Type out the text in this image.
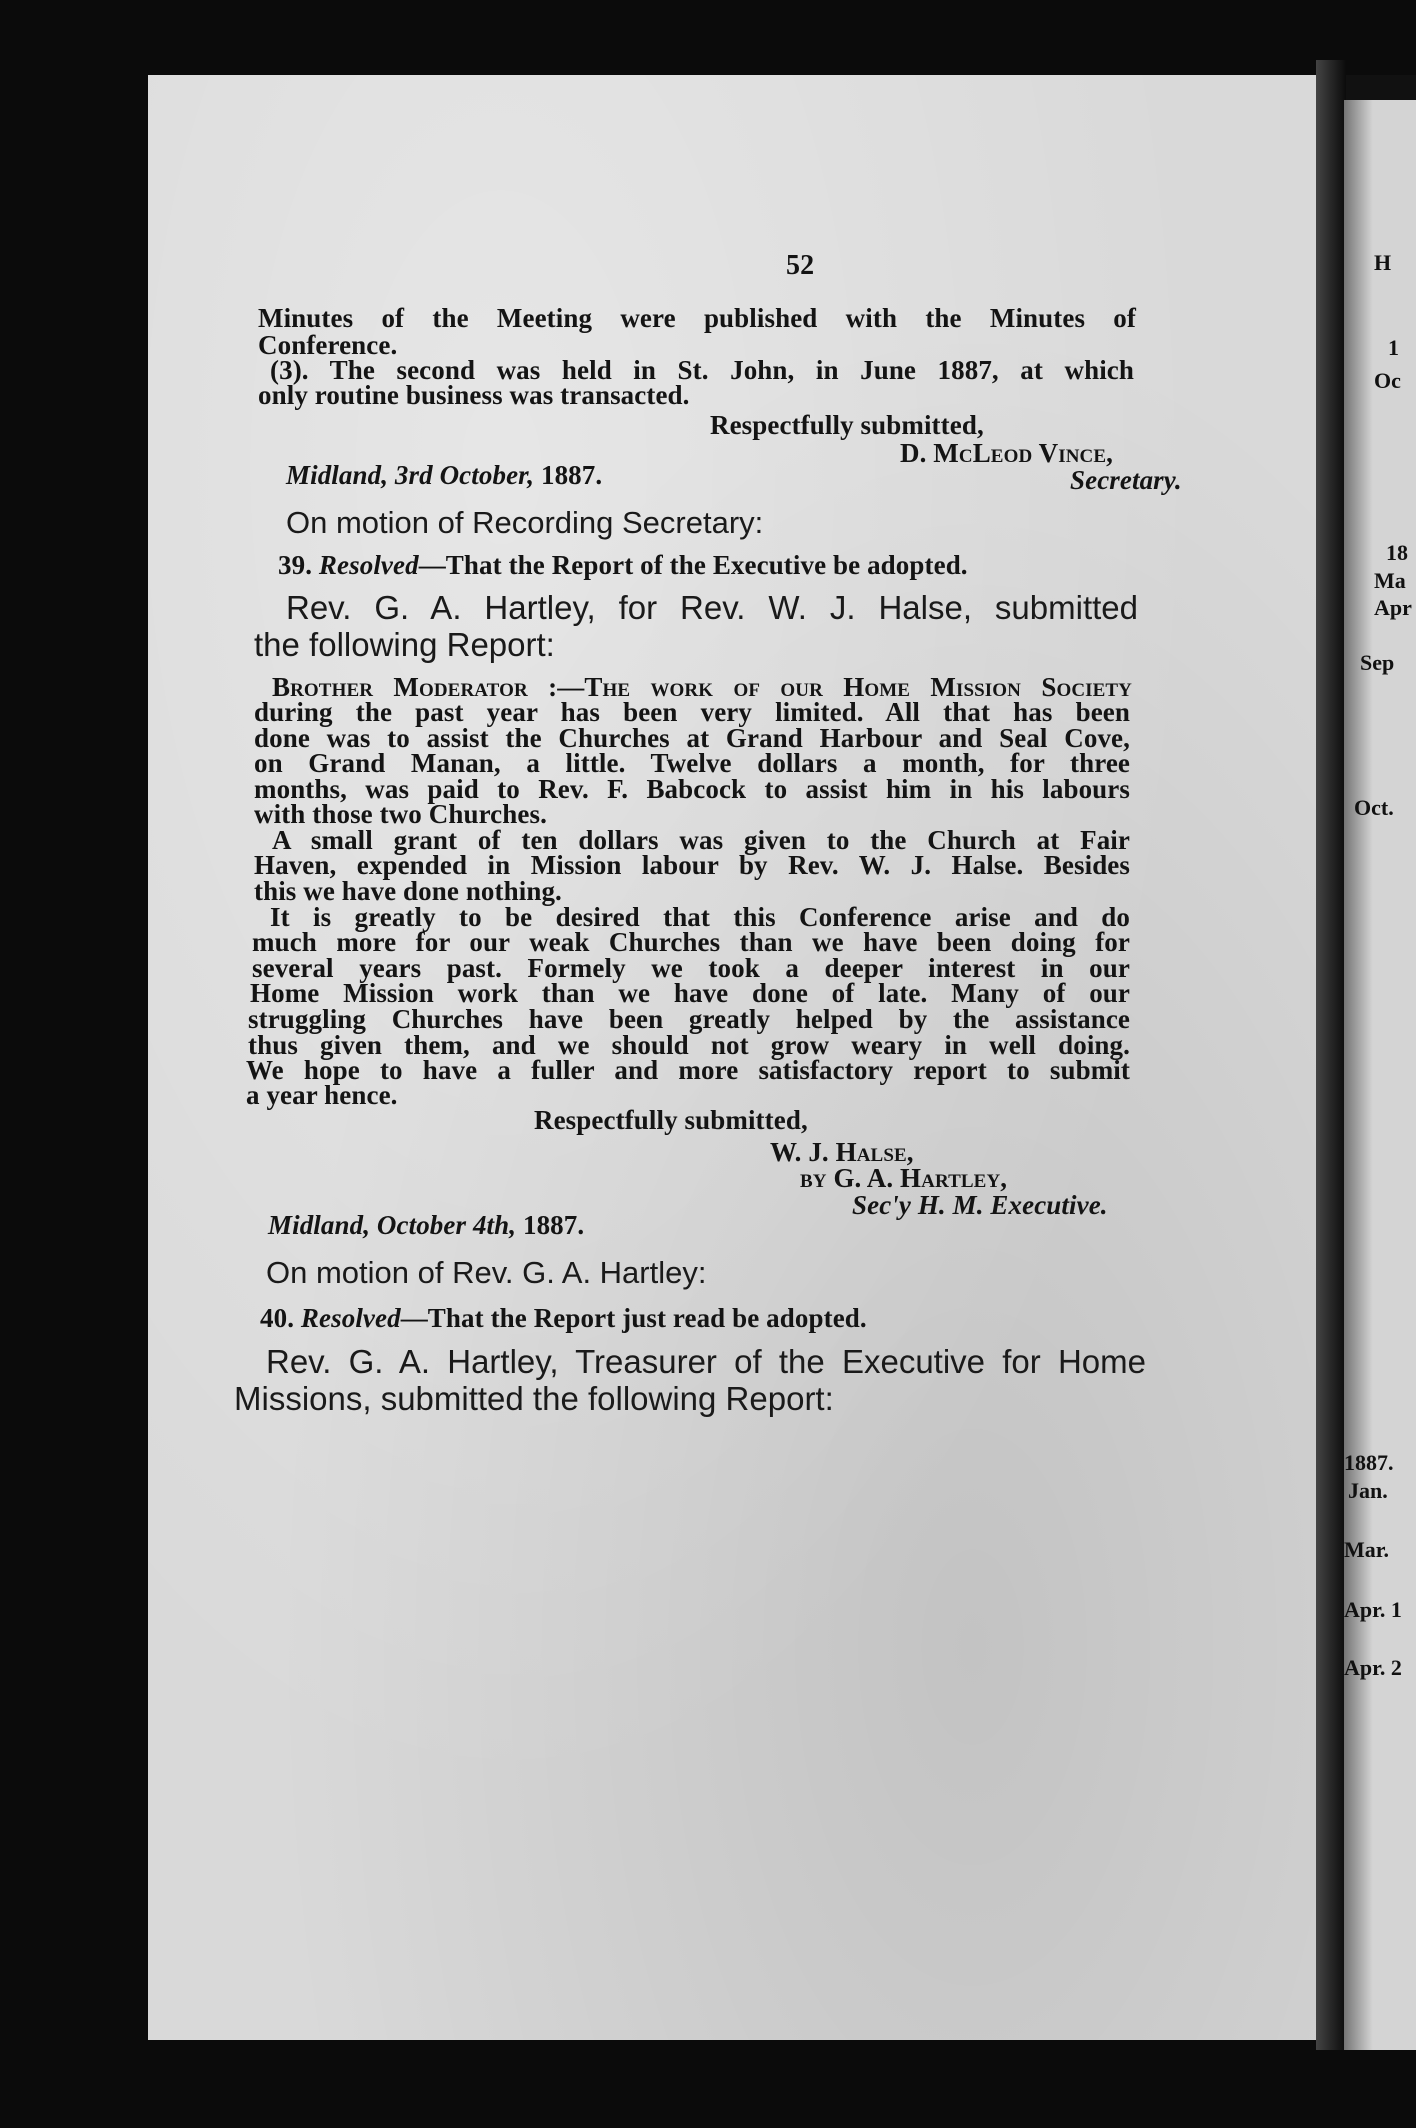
52
Minutes of the Meeting were published with the Minutes of
Conference.
(3). The second was held in St. John, in June 1887, at which
only routine business was transacted.
Respectfully submitted,
D. McLeod Vince,
Midland, 3rd October, 1887.	Secretary.
On motion of Recording Secretary:
39. Resolved—That the Report of the Executive be adopted.
Rev. G. A. Hartley, for Rev. W. J. Halse, submitted
the following Report:
Brother Moderator :—The work of our Home Mission Society
during the past year has been very limited. All that has been
done was to assist the Churches at Grand Harbour and Seal Cove,
on Grand Manan, a little. Twelve dollars a month, for three
months, was paid to Rev. F. Babcock to assist him in his labours
with those two Churches.
A small grant of ten dollars was given to the Church at Fair
Haven, expended in Mission labour by Rev. W. J. Halse. Besides
this we have done nothing.
It is greatly to be desired that this Conference arise and do
much more for our weak Churches than we have been doing for
several years past. Formely we took a deeper interest in our
Home Mission work than we have done of late. Many of our
struggling Churches have been greatly helped by the assistance
thus given them, and we should not grow weary in well doing.
We hope to have a fuller and more satisfactory report to submit
a year hence.
Respectfully submitted,
W. J. Halse,
by G. A. Hartley,
Sec'y H. M. Executive.
Midland, October 4th, 1887.
On motion of Rev. G. A. Hartley:
40. Resolved—That the Report just read be adopted.
Rev. G. A. Hartley, Treasurer of the Executive for Home
Missions, submitted the following Report:
H
1
Oc
18
Ma
Apr
Sep
Oct.
1887.
Jan.
Mar.
Apr. 1
Apr. 2
